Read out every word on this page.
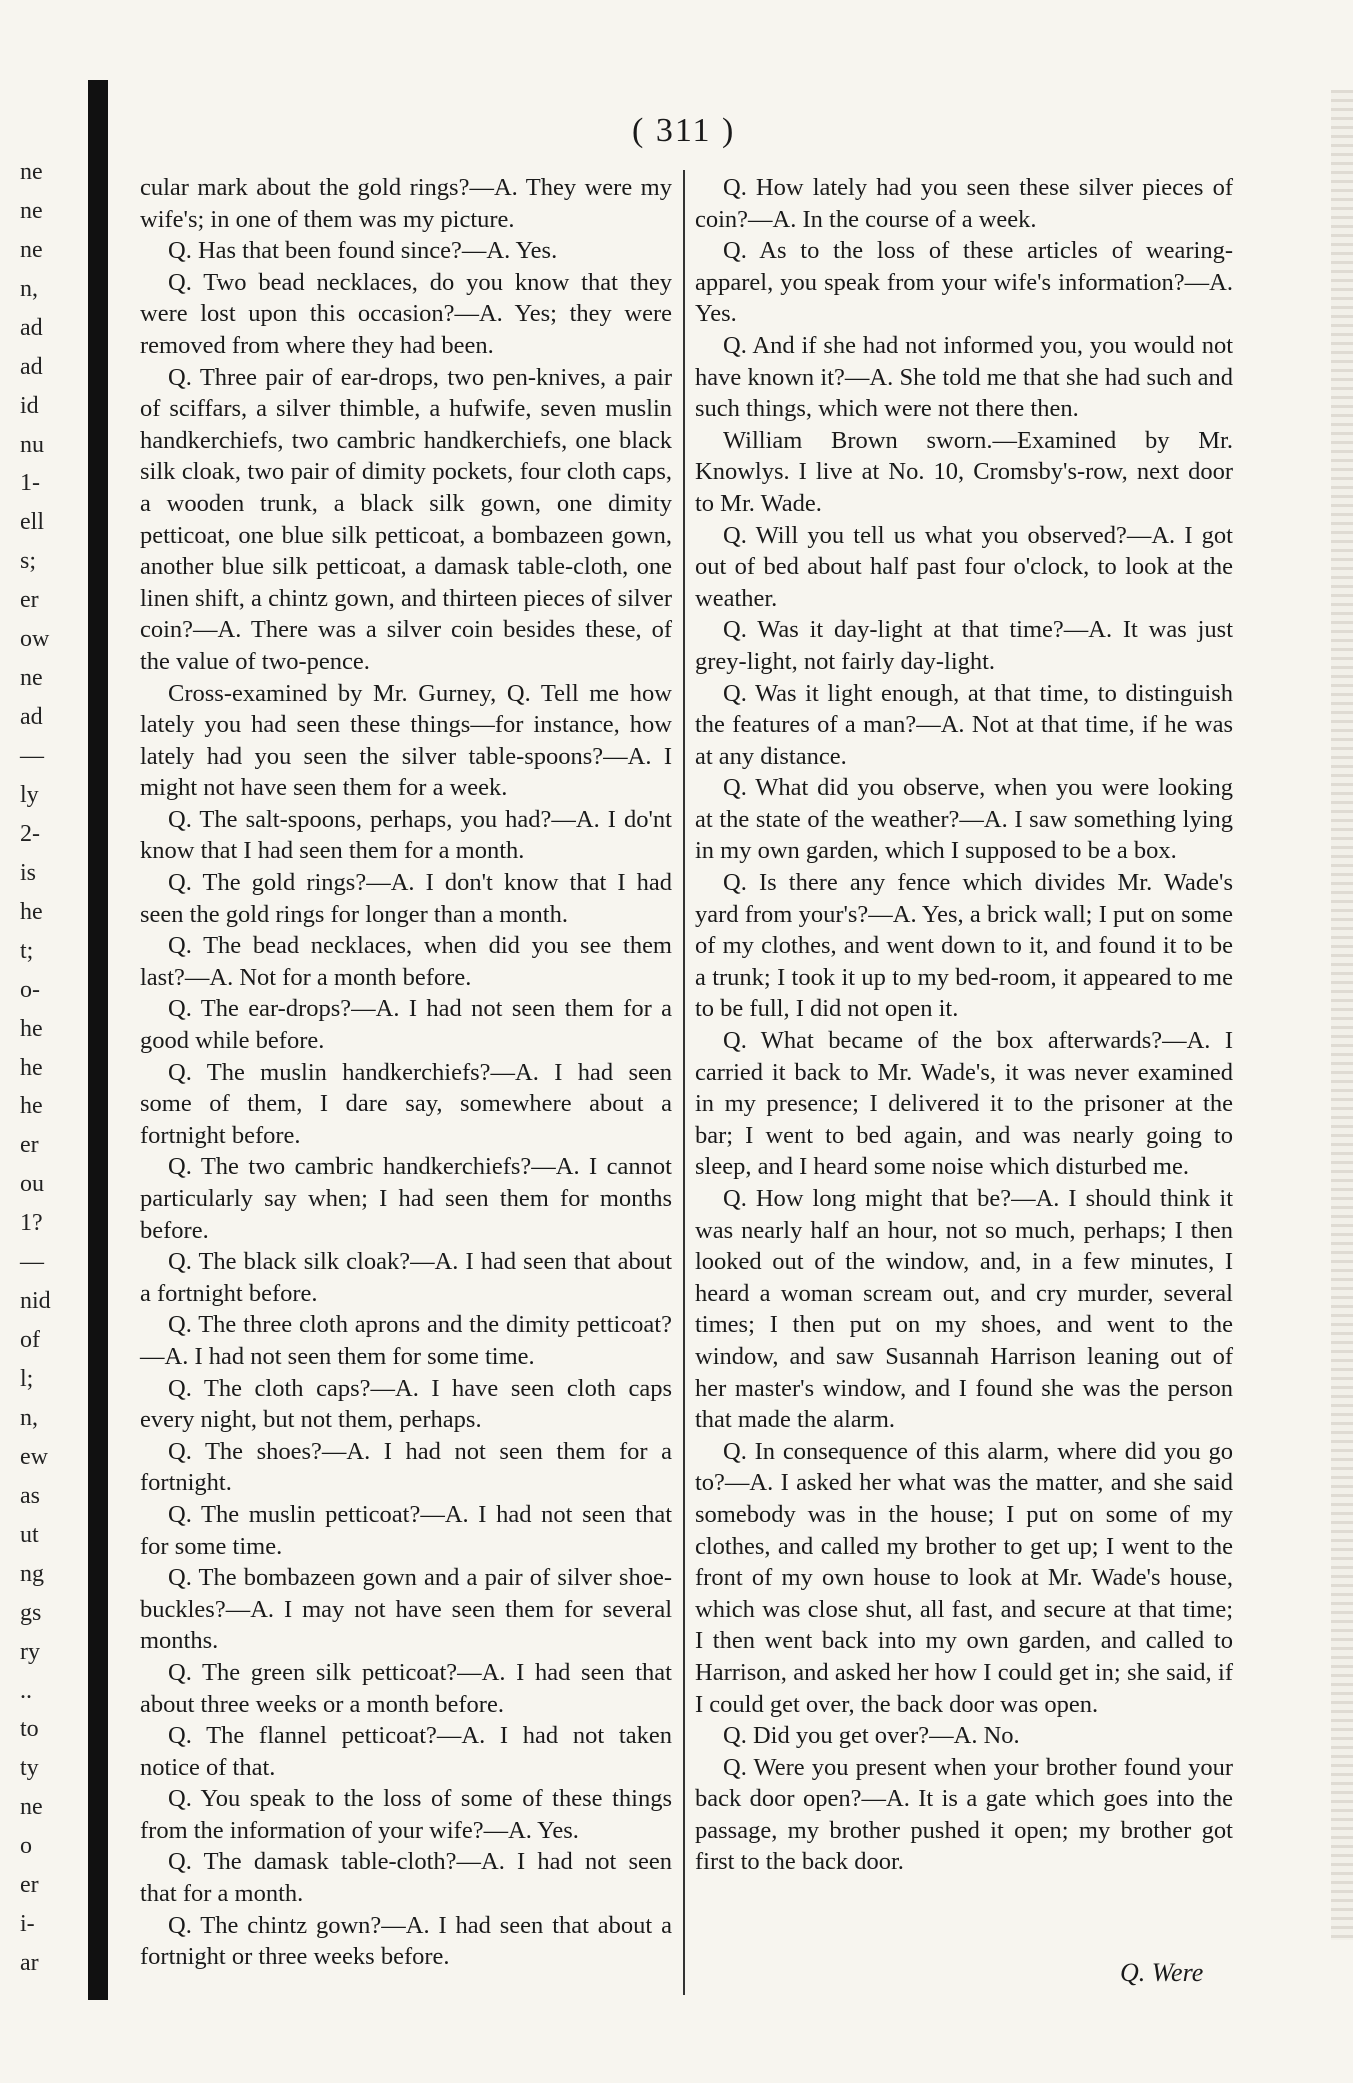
ne
ne
ne
n,
ad
ad
id
nu
1-
ell
s;
er
ow
ne
ad
—
ly
2-
is
he
t;
o-
he
he
he
er
ou
1?
—
nid
of
l;
n,
ew
as
ut
ng
gs
ry
..
to
ty
ne
o
er
i-
ar
( 311 )

cular mark about the gold rings?—A. They were my wife's; in one of them was my picture.

Q. Has that been found since?—A. Yes.

Q. Two bead necklaces, do you know that they were lost upon this occasion?—A. Yes; they were removed from where they had been.

Q. Three pair of ear-drops, two pen-knives, a pair of sciffars, a silver thimble, a hufwife, seven muslin handkerchiefs, two cambric handkerchiefs, one black silk cloak, two pair of dimity pockets, four cloth caps, a wooden trunk, a black silk gown, one dimity petticoat, one blue silk petticoat, a bombazeen gown, another blue silk petticoat, a damask table-cloth, one linen shift, a chintz gown, and thirteen pieces of silver coin?—A. There was a silver coin besides these, of the value of two-pence.

Cross-examined by Mr. Gurney, Q. Tell me how lately you had seen these things—for instance, how lately had you seen the silver table-spoons?—A. I might not have seen them for a week.

Q. The salt-spoons, perhaps, you had?—A. I do'nt know that I had seen them for a month.

Q. The gold rings?—A. I don't know that I had seen the gold rings for longer than a month.

Q. The bead necklaces, when did you see them last?—A. Not for a month before.

Q. The ear-drops?—A. I had not seen them for a good while before.

Q. The muslin handkerchiefs?—A. I had seen some of them, I dare say, somewhere about a fortnight before.

Q. The two cambric handkerchiefs?—A. I cannot particularly say when; I had seen them for months before.

Q. The black silk cloak?—A. I had seen that about a fortnight before.

Q. The three cloth aprons and the dimity petticoat?—A. I had not seen them for some time.

Q. The cloth caps?—A. I have seen cloth caps every night, but not them, perhaps.

Q. The shoes?—A. I had not seen them for a fortnight.

Q. The muslin petticoat?—A. I had not seen that for some time.

Q. The bombazeen gown and a pair of silver shoe-buckles?—A. I may not have seen them for several months.

Q. The green silk petticoat?—A. I had seen that about three weeks or a month before.

Q. The flannel petticoat?—A. I had not taken notice of that.

Q. You speak to the loss of some of these things from the information of your wife?—A. Yes.

Q. The damask table-cloth?—A. I had not seen that for a month.

Q. The chintz gown?—A. I had seen that about a fortnight or three weeks before.

Q. How lately had you seen these silver pieces of coin?—A. In the course of a week.

Q. As to the loss of these articles of wearing-apparel, you speak from your wife's information?—A. Yes.

Q. And if she had not informed you, you would not have known it?—A. She told me that she had such and such things, which were not there then.

William Brown sworn.—Examined by Mr. Knowlys. I live at No. 10, Cromsby's-row, next door to Mr. Wade.

Q. Will you tell us what you observed?—A. I got out of bed about half past four o'clock, to look at the weather.

Q. Was it day-light at that time?—A. It was just grey-light, not fairly day-light.

Q. Was it light enough, at that time, to distinguish the features of a man?—A. Not at that time, if he was at any distance.

Q. What did you observe, when you were looking at the state of the weather?—A. I saw something lying in my own garden, which I supposed to be a box.

Q. Is there any fence which divides Mr. Wade's yard from your's?—A. Yes, a brick wall; I put on some of my clothes, and went down to it, and found it to be a trunk; I took it up to my bed-room, it appeared to me to be full, I did not open it.

Q. What became of the box afterwards?—A. I carried it back to Mr. Wade's, it was never examined in my presence; I delivered it to the prisoner at the bar; I went to bed again, and was nearly going to sleep, and I heard some noise which disturbed me.

Q. How long might that be?—A. I should think it was nearly half an hour, not so much, perhaps; I then looked out of the window, and, in a few minutes, I heard a woman scream out, and cry murder, several times; I then put on my shoes, and went to the window, and saw Susannah Harrison leaning out of her master's window, and I found she was the person that made the alarm.

Q. In consequence of this alarm, where did you go to?—A. I asked her what was the matter, and she said somebody was in the house; I put on some of my clothes, and called my brother to get up; I went to the front of my own house to look at Mr. Wade's house, which was close shut, all fast, and secure at that time; I then went back into my own garden, and called to Harrison, and asked her how I could get in; she said, if I could get over, the back door was open.

Q. Did you get over?—A. No.

Q. Were you present when your brother found your back door open?—A. It is a gate which goes into the passage, my brother pushed it open; my brother got first to the back door.

Q. Were
